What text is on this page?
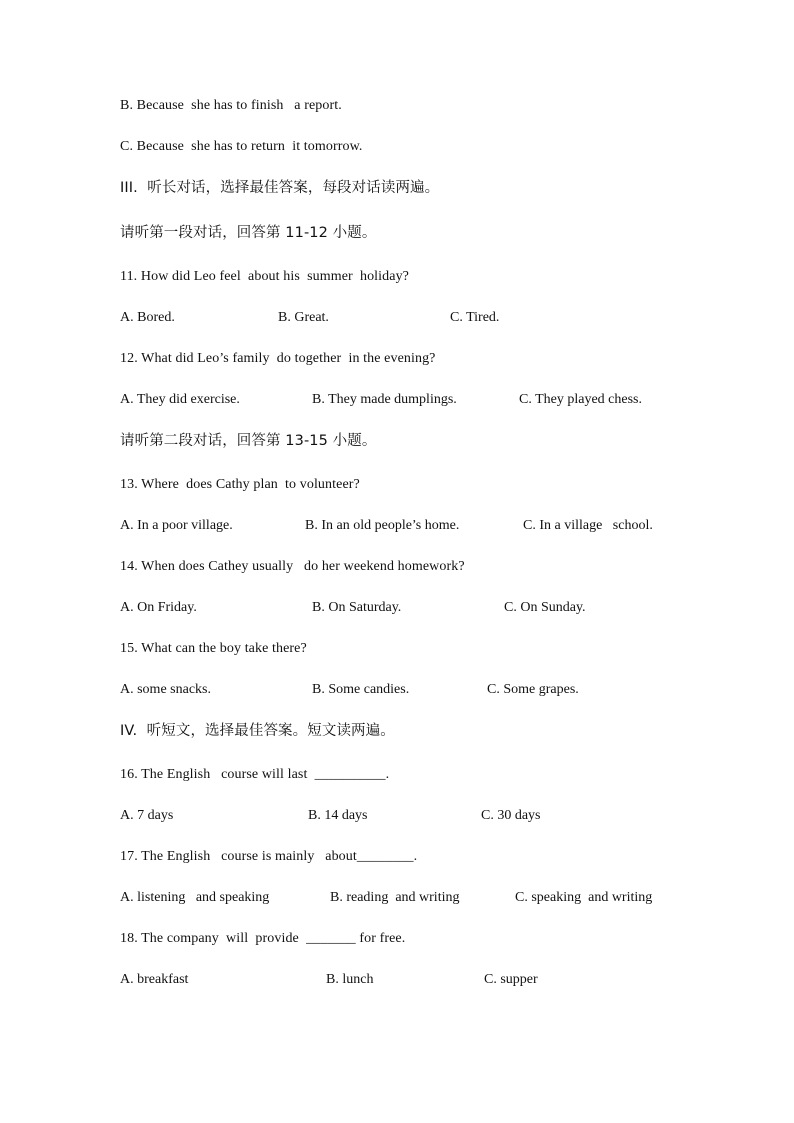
B. Because  she has to finish   a report.
C. Because  she has to return  it tomorrow.
III.  听长对话，选择最佳答案，每段对话读两遍。
请听第一段对话，回答第 11-12 小题。
11. How did Leo feel  about his  summer  holiday?
A. Bored.	B. Great.	C. Tired.
12. What did Leo’s family  do together  in the evening?
A. They did exercise.	B. They made dumplings.	C. They played chess.
请听第二段对话，回答第 13-15 小题。
13. Where  does Cathy plan  to volunteer?
A. In a poor village.	B. In an old people’s home.	C. In a village   school.
14. When does Cathey usually   do her weekend homework?
A. On Friday.	B. On Saturday.	C. On Sunday.
15. What can the boy take there?
A. some snacks.	B. Some candies.	C. Some grapes.
IV.  听短文，选择最佳答案。短文读两遍。
16. The English   course will last  __________.
A. 7 days	B. 14 days	C. 30 days
17. The English   course is mainly   about________.
A. listening   and speaking	B. reading  and writing	C. speaking  and writing
18. The company  will  provide  _______ for free.
A. breakfast	B. lunch	C. supper
